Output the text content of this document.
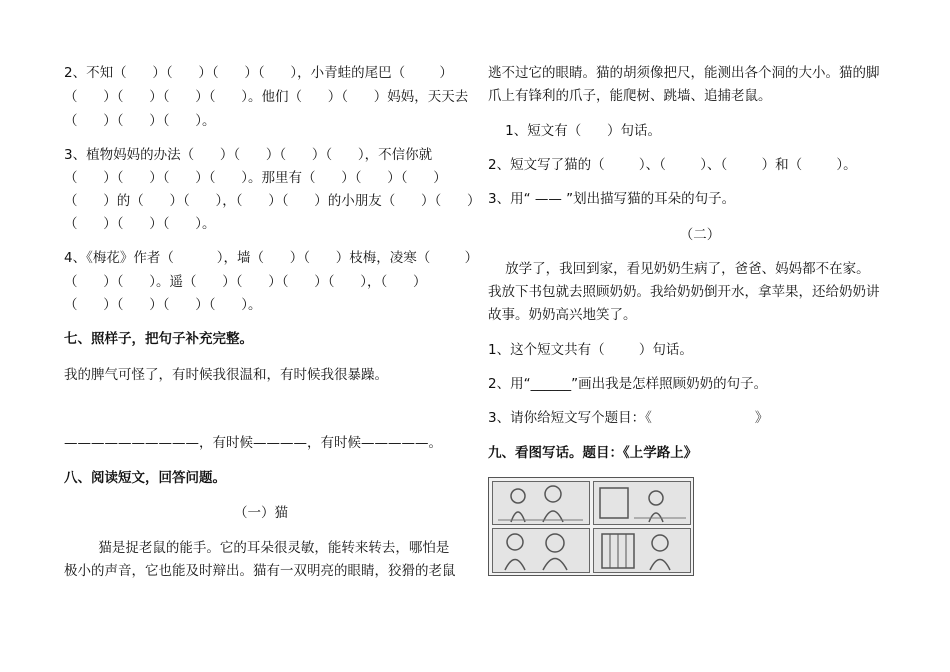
2、不知（      ）（      ）（      ）（      ），小青蛙的尾巴（        ）
（      ）（      ）（      ）（      ）。他们（      ）（      ）妈妈，天天去
（      ）（      ）（      ）。
3、植物妈妈的办法（      ）（      ）（      ）（      ），不信你就
（      ）（      ）（      ）（      ）。那里有（      ）（      ）（      ）
（      ）的（      ）（      ），（      ）（      ）的小朋友（      ）（      ）
（      ）（      ）（      ）。
4、《梅花》作者（          ），墙（      ）（      ）枝梅，凌寒（        ）
（      ）（      ）。遥（      ）（      ）（      ）（      ），（      ）
（      ）（      ）（      ）（      ）。
七、照样子，把句子补充完整。
我的脾气可怪了，有时候我很温和，有时候我很暴躁。
——————————，有时候————，有时候—————。
八、阅读短文，回答问题。
（一）猫
猫是捉老鼠的能手。它的耳朵很灵敏，能转来转去，哪怕是
极小的声音，它也能及时辩出。猫有一双明亮的眼睛，狡猾的老鼠
逃不过它的眼睛。猫的胡须像把尺，能测出各个洞的大小。猫的脚
爪上有锋利的爪子，能爬树、跳墙、追捕老鼠。
1、短文有（      ）句话。
2、短文写了猫的（        ）、（        ）、（        ）和（        ）。
3、用“ —— ”划出描写猫的耳朵的句子。
（二）
放学了，我回到家，看见奶奶生病了，爸爸、妈妈都不在家。
我放下书包就去照顾奶奶。我给奶奶倒开水，拿苹果，还给奶奶讲
故事。奶奶高兴地笑了。
1、这个短文共有（        ）句话。
2、用“______”画出我是怎样照顾奶奶的句子。
3、请你给短文写个题目：《                        》
九、看图写话。题目：《上学路上》
